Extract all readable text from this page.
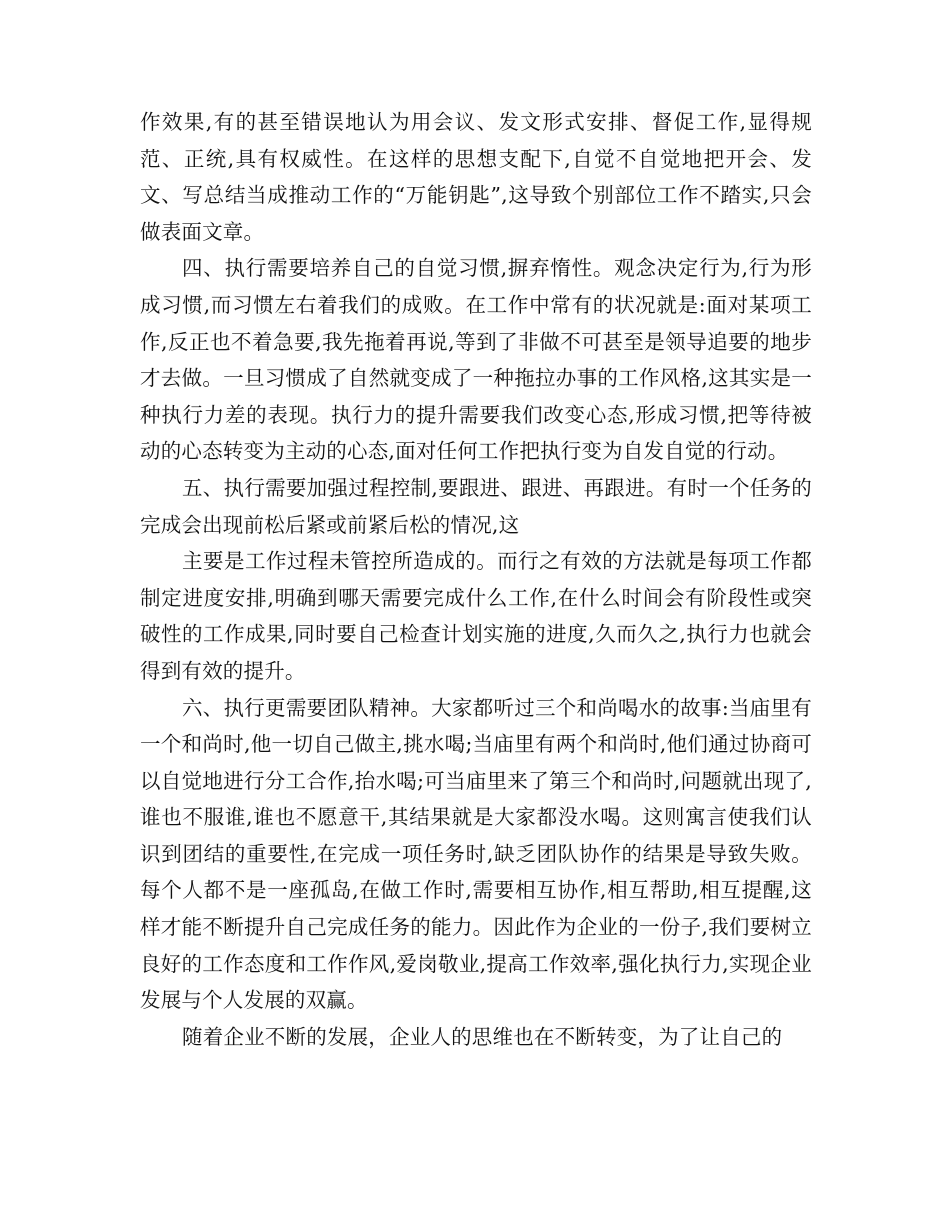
作效果,有的甚至错误地认为用会议、发文形式安排、督促工作,显得规范、正统,具有权威性。在这样的思想支配下,自觉不自觉地把开会、发文、写总结当成推动工作的“万能钥匙”,这导致个别部位工作不踏实,只会做表面文章。

四、执行需要培养自己的自觉习惯,摒弃惰性。观念决定行为,行为形成习惯,而习惯左右着我们的成败。在工作中常有的状况就是:面对某项工作,反正也不着急要,我先拖着再说,等到了非做不可甚至是领导追要的地步才去做。一旦习惯成了自然就变成了一种拖拉办事的工作风格,这其实是一种执行力差的表现。执行力的提升需要我们改变心态,形成习惯,把等待被动的心态转变为主动的心态,面对任何工作把执行变为自发自觉的行动。

五、执行需要加强过程控制,要跟进、跟进、再跟进。有时一个任务的完成会出现前松后紧或前紧后松的情况,这

主要是工作过程未管控所造成的。而行之有效的方法就是每项工作都制定进度安排,明确到哪天需要完成什么工作,在什么时间会有阶段性或突破性的工作成果,同时要自己检查计划实施的进度,久而久之,执行力也就会得到有效的提升。

六、执行更需要团队精神。大家都听过三个和尚喝水的故事:当庙里有一个和尚时,他一切自己做主,挑水喝;当庙里有两个和尚时,他们通过协商可以自觉地进行分工合作,抬水喝;可当庙里来了第三个和尚时,问题就出现了,谁也不服谁,谁也不愿意干,其结果就是大家都没水喝。这则寓言使我们认识到团结的重要性,在完成一项任务时,缺乏团队协作的结果是导致失败。每个人都不是一座孤岛,在做工作时,需要相互协作,相互帮助,相互提醒,这样才能不断提升自己完成任务的能力。因此作为企业的一份子,我们要树立良好的工作态度和工作作风,爱岗敬业,提高工作效率,强化执行力,实现企业发展与个人发展的双赢。

随着企业不断的发展，企业人的思维也在不断转变，为了让自己的
